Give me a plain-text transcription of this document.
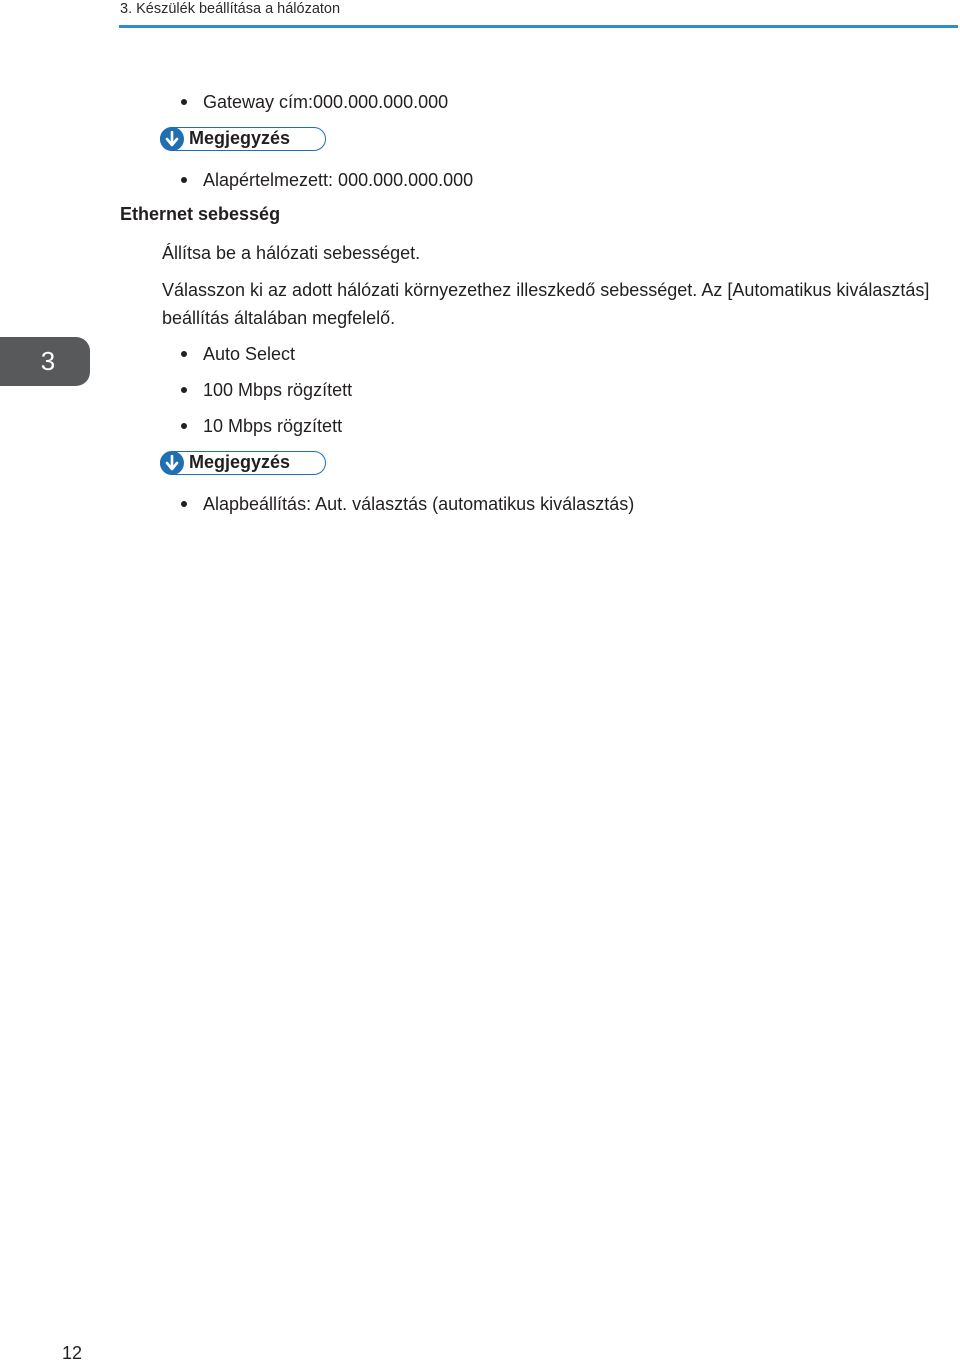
3. Készülék beállítása a hálózaton
3
Gateway cím:000.000.000.000
Megjegyzés
Alapértelmezett: 000.000.000.000
Ethernet sebesség
Állítsa be a hálózati sebességet.
Válasszon ki az adott hálózati környezethez illeszkedő sebességet. Az [Automatikus kiválasztás]
beállítás általában megfelelő.
Auto Select
100 Mbps rögzített
10 Mbps rögzített
Megjegyzés
Alapbeállítás: Aut. választás (automatikus kiválasztás)
12
